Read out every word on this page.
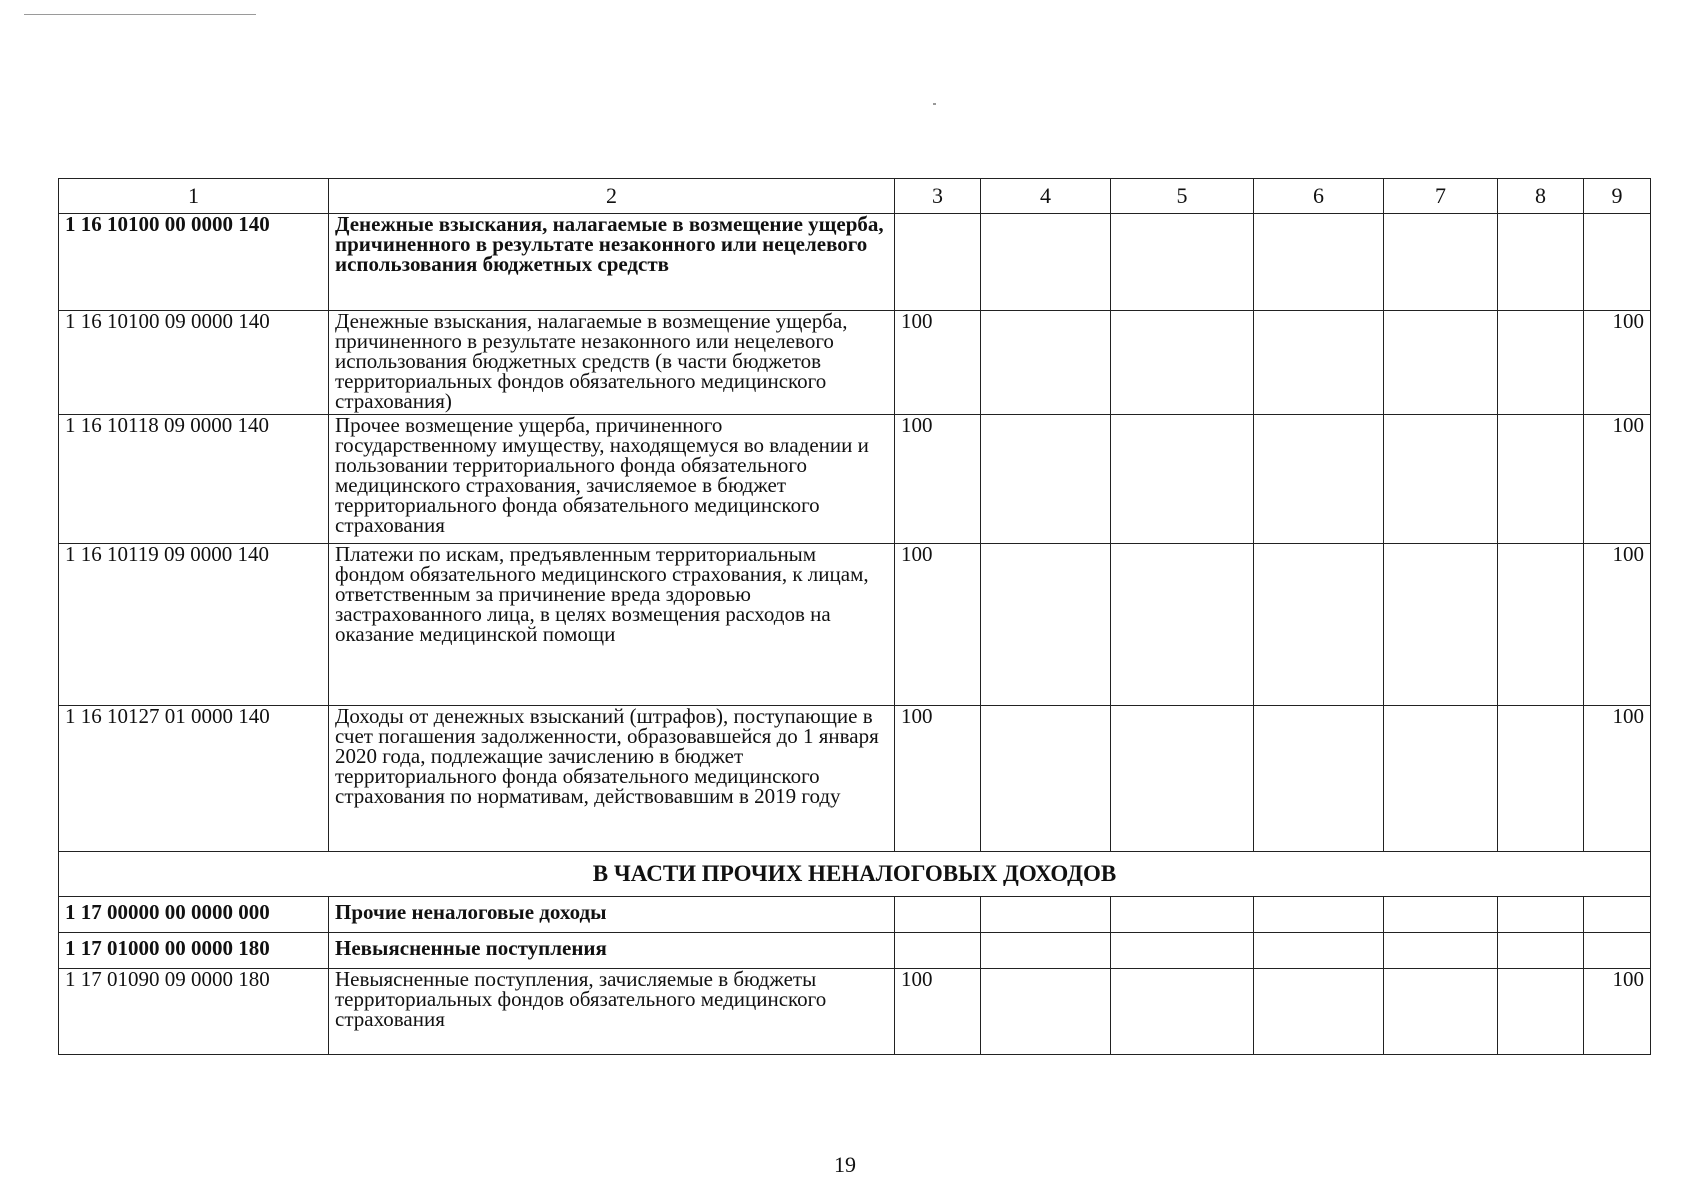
1	2	3	4	5	6	7	8	9
1 16 10100 00 0000 140	Денежные взыскания, налагаемые в возмещение ущерба, причиненного в результате незаконного или нецелевого использования бюджетных средств							
1 16 10100 09 0000 140	Денежные взыскания, налагаемые в возмещение ущерба, причиненного в результате незаконного или нецелевого использования бюджетных средств (в части бюджетов территориальных фондов обязательного медицинского страхования)	100						100
1 16 10118 09 0000 140	Прочее возмещение ущерба, причиненного государственному имуществу, находящемуся во владении и пользовании территориального фонда обязательного медицинского страхования, зачисляемое в бюджет территориального фонда обязательного медицинского страхования	100						100
1 16 10119 09 0000 140	Платежи по искам, предъявленным территориальным фондом обязательного медицинского страхования, к лицам, ответственным за причинение вреда здоровью застрахованного лица, в целях возмещения расходов на оказание медицинской помощи	100						100
1 16 10127 01 0000 140	Доходы от денежных взысканий (штрафов), поступающие в счет погашения задолженности, образовавшейся до 1 января 2020 года, подлежащие зачислению в бюджет территориального фонда обязательного медицинского страхования по нормативам, действовавшим в 2019 году	100						100
В ЧАСТИ ПРОЧИХ НЕНАЛОГОВЫХ ДОХОДОВ								
1 17 00000 00 0000 000	Прочие неналоговые доходы							
1 17 01000 00 0000 180	Невыясненные поступления							
1 17 01090 09 0000 180	Невыясненные поступления, зачисляемые в бюджеты территориальных фондов обязательного медицинского страхования	100						100
19
